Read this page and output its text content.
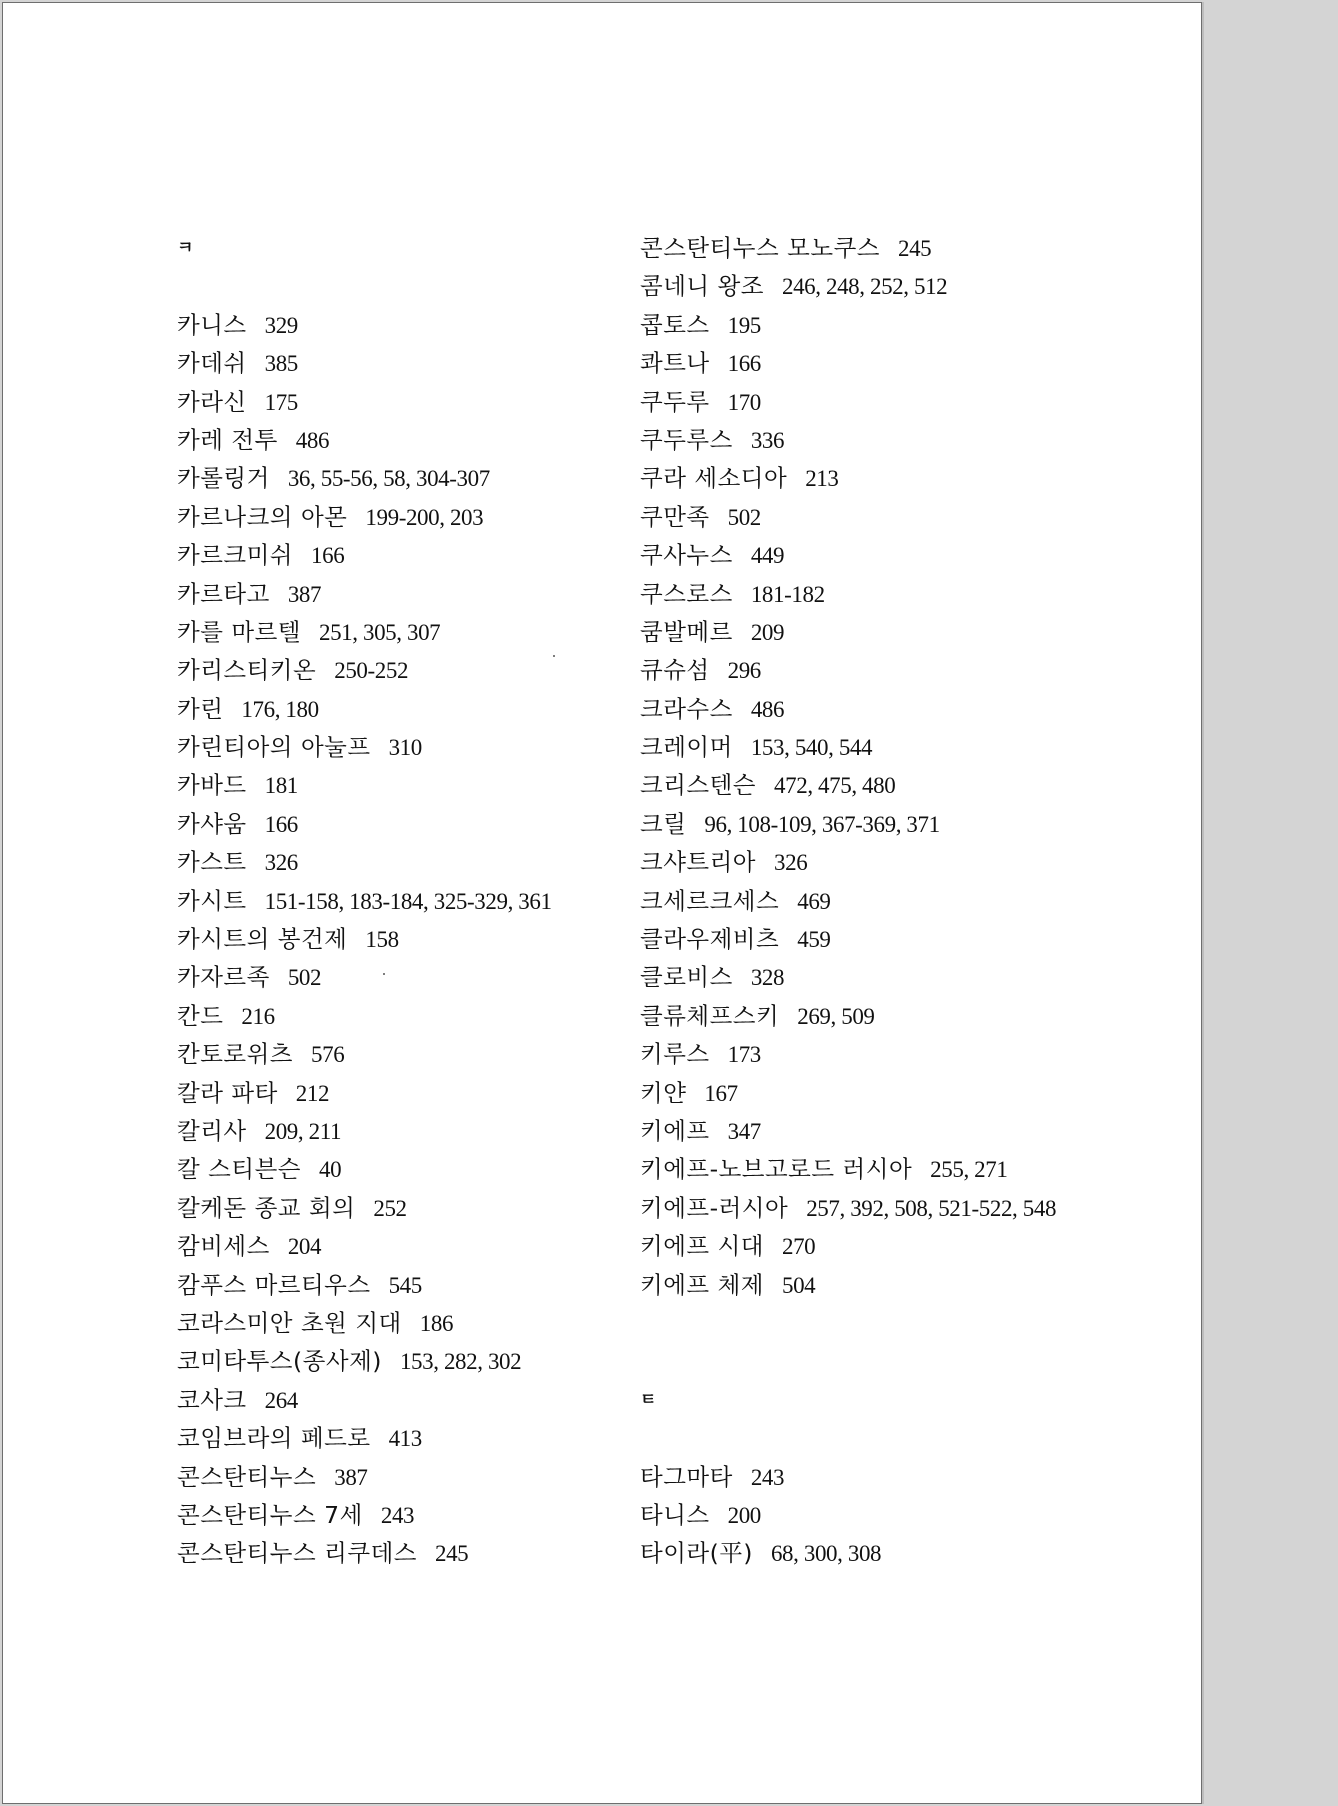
ㅋ
카니스 329
카데쉬 385
카라신 175
카레 전투 486
카롤링거 36, 55-56, 58, 304-307
카르나크의 아몬 199-200, 203
카르크미쉬 166
카르타고 387
카를 마르텔 251, 305, 307
카리스티키온 250-252
카린 176, 180
카린티아의 아눌프 310
카바드 181
카샤움 166
카스트 326
카시트 151-158, 183-184, 325-329, 361
카시트의 봉건제 158
카자르족 502
칸드 216
칸토로위츠 576
칼라 파타 212
칼리사 209, 211
칼 스티븐슨 40
칼케돈 종교 회의 252
캄비세스 204
캄푸스 마르티우스 545
코라스미안 초원 지대 186
코미타투스(종사제) 153, 282, 302
코사크 264
코임브라의 페드로 413
콘스탄티누스 387
콘스탄티누스 7세 243
콘스탄티누스 리쿠데스 245
콘스탄티누스 모노쿠스 245
콤네니 왕조 246, 248, 252, 512
콥토스 195
콰트나 166
쿠두루 170
쿠두루스 336
쿠라 세소디아 213
쿠만족 502
쿠사누스 449
쿠스로스 181-182
쿰발메르 209
큐슈섬 296
크라수스 486
크레이머 153, 540, 544
크리스텐슨 472, 475, 480
크릴 96, 108-109, 367-369, 371
크샤트리아 326
크세르크세스 469
클라우제비츠 459
클로비스 328
클류체프스키 269, 509
키루스 173
키얀 167
키에프 347
키에프-노브고로드 러시아 255, 271
키에프-러시아 257, 392, 508, 521-522, 548
키에프 시대 270
키에프 체제 504
ㅌ
타그마타 243
타니스 200
타이라(平) 68, 300, 308
